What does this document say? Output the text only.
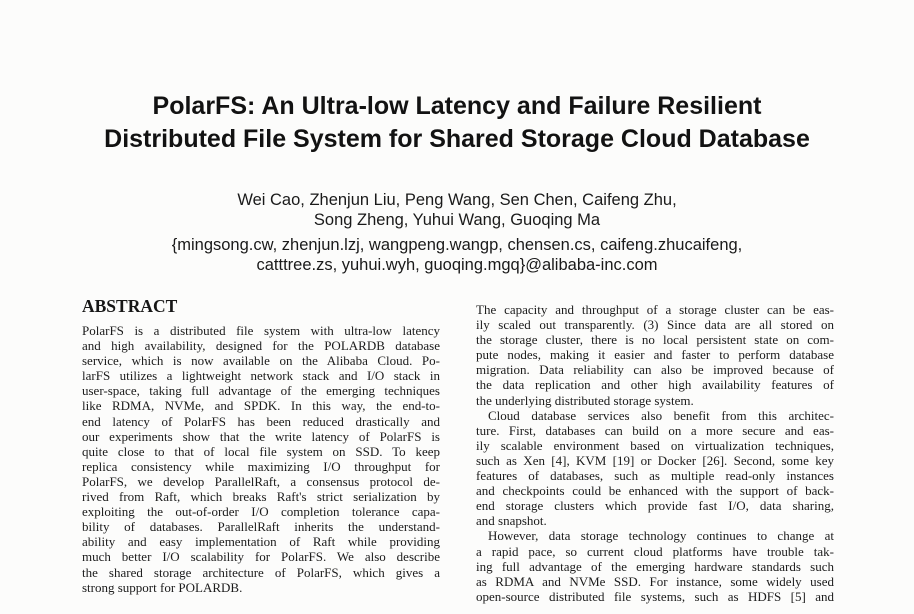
PolarFS: An Ultra-low Latency and Failure Resilient
Distributed File System for Shared Storage Cloud Database
Wei Cao, Zhenjun Liu, Peng Wang, Sen Chen, Caifeng Zhu,
Song Zheng, Yuhui Wang, Guoqing Ma
{mingsong.cw, zhenjun.lzj, wangpeng.wangp, chensen.cs, caifeng.zhucaifeng,
catttree.zs, yuhui.wyh, guoqing.mgq}@alibaba-inc.com
ABSTRACT
PolarFS is a distributed file system with ultra-low latency
and high availability, designed for the POLARDB database
service, which is now available on the Alibaba Cloud. Po-
larFS utilizes a lightweight network stack and I/O stack in
user-space, taking full advantage of the emerging techniques
like RDMA, NVMe, and SPDK. In this way, the end-to-
end latency of PolarFS has been reduced drastically and
our experiments show that the write latency of PolarFS is
quite close to that of local file system on SSD. To keep
replica consistency while maximizing I/O throughput for
PolarFS, we develop ParallelRaft, a consensus protocol de-
rived from Raft, which breaks Raft's strict serialization by
exploiting the out-of-order I/O completion tolerance capa-
bility of databases. ParallelRaft inherits the understand-
ability and easy implementation of Raft while providing
much better I/O scalability for PolarFS. We also describe
the shared storage architecture of PolarFS, which gives a
strong support for POLARDB.
The capacity and throughput of a storage cluster can be eas-
ily scaled out transparently. (3) Since data are all stored on
the storage cluster, there is no local persistent state on com-
pute nodes, making it easier and faster to perform database
migration. Data reliability can also be improved because of
the data replication and other high availability features of
the underlying distributed storage system.
Cloud database services also benefit from this architec-
ture. First, databases can build on a more secure and eas-
ily scalable environment based on virtualization techniques,
such as Xen [4], KVM [19] or Docker [26]. Second, some key
features of databases, such as multiple read-only instances
and checkpoints could be enhanced with the support of back-
end storage clusters which provide fast I/O, data sharing,
and snapshot.
However, data storage technology continues to change at
a rapid pace, so current cloud platforms have trouble tak-
ing full advantage of the emerging hardware standards such
as RDMA and NVMe SSD. For instance, some widely used
open-source distributed file systems, such as HDFS [5] and
